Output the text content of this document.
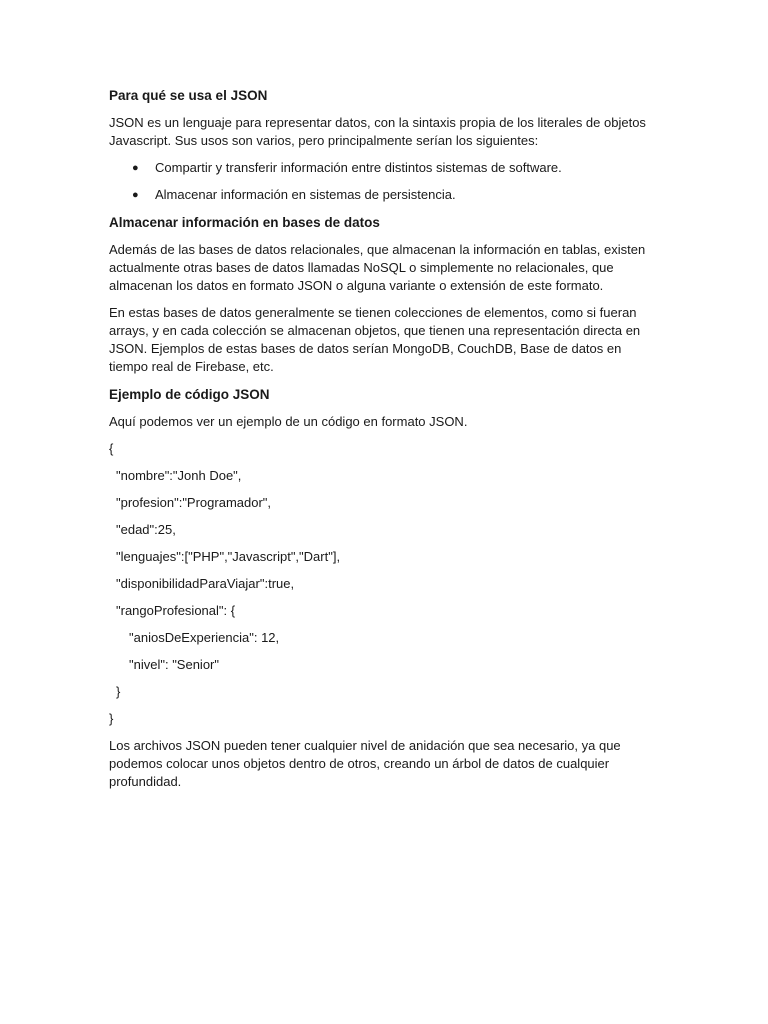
Para qué se usa el JSON

JSON es un lenguaje para representar datos, con la sintaxis propia de los literales de objetos Javascript. Sus usos son varios, pero principalmente serían los siguientes:

● Compartir y transferir información entre distintos sistemas de software.
● Almacenar información en sistemas de persistencia.
Almacenar información en bases de datos

Además de las bases de datos relacionales, que almacenan la información en tablas, existen actualmente otras bases de datos llamadas NoSQL o simplemente no relacionales, que almacenan los datos en formato JSON o alguna variante o extensión de este formato.

En estas bases de datos generalmente se tienen colecciones de elementos, como si fueran arrays, y en cada colección se almacenan objetos, que tienen una representación directa en JSON. Ejemplos de estas bases de datos serían MongoDB, CouchDB, Base de datos en tiempo real de Firebase, etc.

Ejemplo de código JSON

Aquí podemos ver un ejemplo de un código en formato JSON.

{
"nombre":"Jonh Doe",
"profesion":"Programador",
"edad":25,
"lenguajes":["PHP","Javascript","Dart"],
"disponibilidadParaViajar":true,
"rangoProfesional": {
"aniosDeExperiencia": 12,
"nivel": "Senior"
}
}

Los archivos JSON pueden tener cualquier nivel de anidación que sea necesario, ya que podemos colocar unos objetos dentro de otros, creando un árbol de datos de cualquier profundidad.
